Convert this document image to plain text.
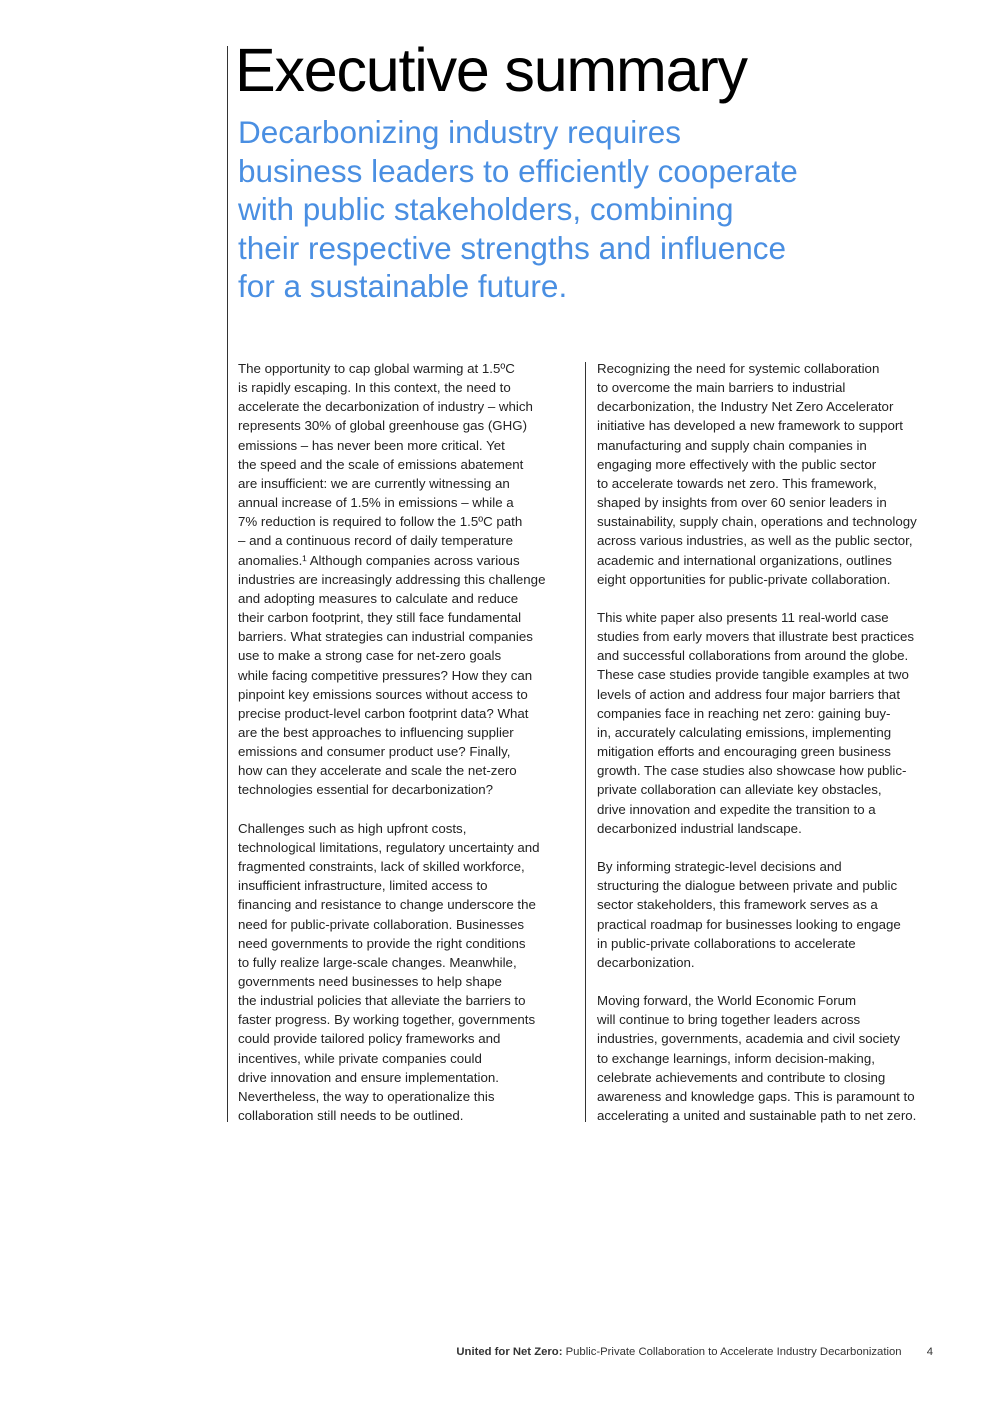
Executive summary
Decarbonizing industry requires
business leaders to efficiently cooperate
with public stakeholders, combining
their respective strengths and influence
for a sustainable future.

The opportunity to cap global warming at 1.5ºC
is rapidly escaping. In this context, the need to
accelerate the decarbonization of industry – which
represents 30% of global greenhouse gas (GHG)
emissions – has never been more critical. Yet
the speed and the scale of emissions abatement
are insufficient: we are currently witnessing an
annual increase of 1.5% in emissions – while a
7% reduction is required to follow the 1.5ºC path
– and a continuous record of daily temperature
anomalies.¹ Although companies across various
industries are increasingly addressing this challenge
and adopting measures to calculate and reduce
their carbon footprint, they still face fundamental
barriers. What strategies can industrial companies
use to make a strong case for net-zero goals
while facing competitive pressures? How they can
pinpoint key emissions sources without access to
precise product-level carbon footprint data? What
are the best approaches to influencing supplier
emissions and consumer product use? Finally,
how can they accelerate and scale the net-zero
technologies essential for decarbonization?

Challenges such as high upfront costs,
technological limitations, regulatory uncertainty and
fragmented constraints, lack of skilled workforce,
insufficient infrastructure, limited access to
financing and resistance to change underscore the
need for public-private collaboration. Businesses
need governments to provide the right conditions
to fully realize large-scale changes. Meanwhile,
governments need businesses to help shape
the industrial policies that alleviate the barriers to
faster progress. By working together, governments
could provide tailored policy frameworks and
incentives, while private companies could
drive innovation and ensure implementation.
Nevertheless, the way to operationalize this
collaboration still needs to be outlined.

Recognizing the need for systemic collaboration
to overcome the main barriers to industrial
decarbonization, the Industry Net Zero Accelerator
initiative has developed a new framework to support
manufacturing and supply chain companies in
engaging more effectively with the public sector
to accelerate towards net zero. This framework,
shaped by insights from over 60 senior leaders in
sustainability, supply chain, operations and technology
across various industries, as well as the public sector,
academic and international organizations, outlines
eight opportunities for public-private collaboration.

This white paper also presents 11 real-world case
studies from early movers that illustrate best practices
and successful collaborations from around the globe.
These case studies provide tangible examples at two
levels of action and address four major barriers that
companies face in reaching net zero: gaining buy-
in, accurately calculating emissions, implementing
mitigation efforts and encouraging green business
growth. The case studies also showcase how public-
private collaboration can alleviate key obstacles,
drive innovation and expedite the transition to a
decarbonized industrial landscape.

By informing strategic-level decisions and
structuring the dialogue between private and public
sector stakeholders, this framework serves as a
practical roadmap for businesses looking to engage
in public-private collaborations to accelerate
decarbonization.

Moving forward, the World Economic Forum
will continue to bring together leaders across
industries, governments, academia and civil society
to exchange learnings, inform decision-making,
celebrate achievements and contribute to closing
awareness and knowledge gaps. This is paramount to
accelerating a united and sustainable path to net zero.

United for Net Zero: Public-Private Collaboration to Accelerate Industry Decarbonization 4
